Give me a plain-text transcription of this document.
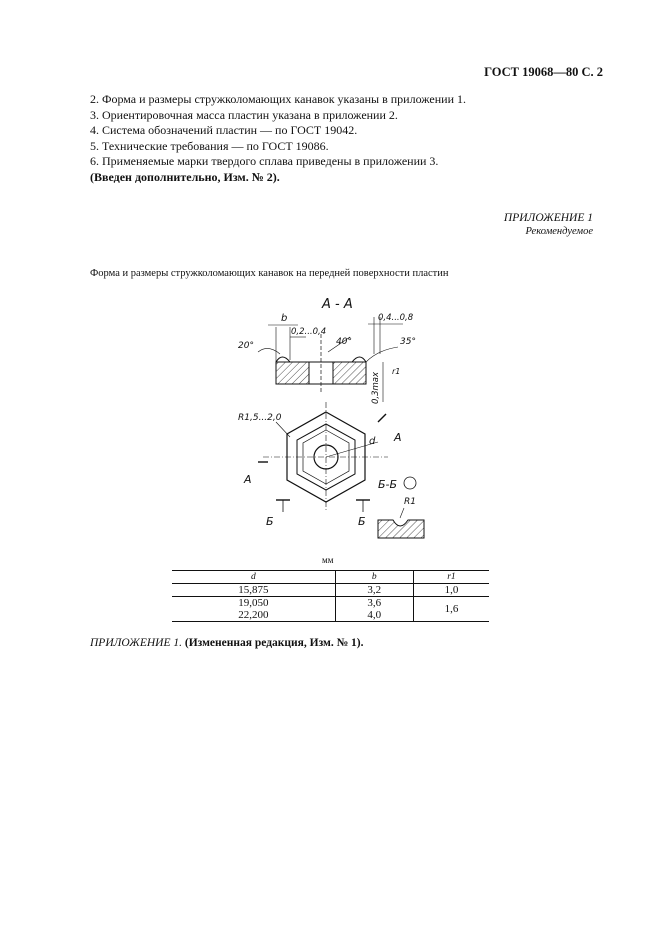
ГОСТ 19068—80 С. 2
2. Форма и размеры стружколомающих канавок указаны в приложении 1.
3. Ориентировочная масса пластин указана в приложении 2.
4. Система обозначений пластин — по ГОСТ 19042.
5. Технические требования — по ГОСТ 19086.
6. Применяемые марки твердого сплава приведены в приложении 3.
(Введен дополнительно, Изм. № 2).
ПРИЛОЖЕНИЕ 1
Рекомендуемое
Форма и размеры стружколомающих канавок на передней поверхности пластин
А - А
b
0,2...0,4
40°
20°
0,4...0,8
35°
r1
0,3max
R1,5...2,0
d А
А
Б	Б
Б-Б
R1
мм
d	b	r1
15,875	3,2	1,0
19,050	3,6	1,6
22,200	4,0	
ПРИЛОЖЕНИЕ 1. (Измененная редакция, Изм. № 1).
